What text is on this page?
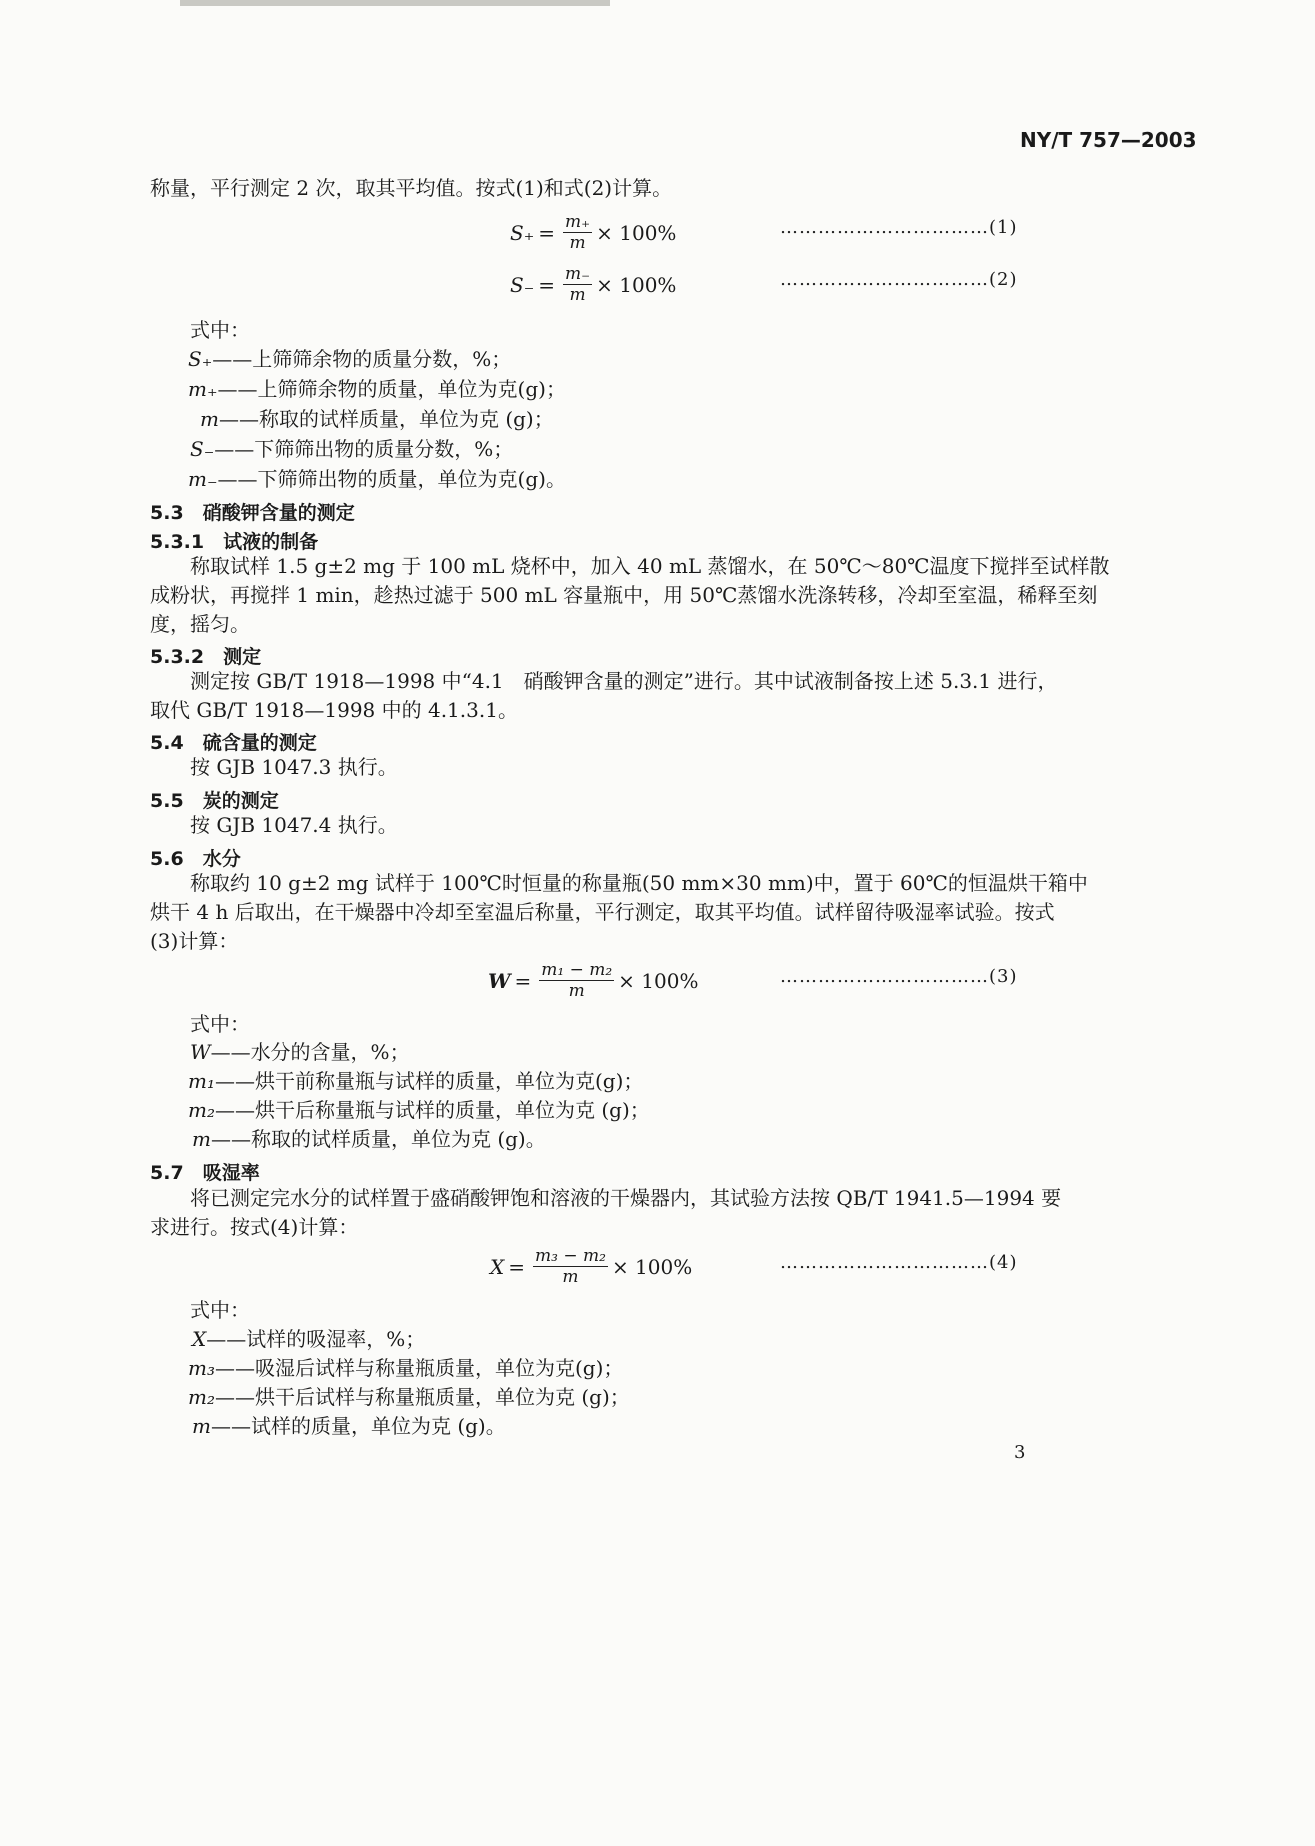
NY/T 757—2003
称量，平行测定 2 次，取其平均值。按式(1)和式(2)计算。
$S_+ = \frac{m_+}{m} \times 100\%$	……………………………(1)
$S_- = \frac{m_-}{m} \times 100\%$	……………………………(2)
式中：
S₊——上筛筛余物的质量分数，%；
m₊——上筛筛余物的质量，单位为克(g)；
m——称取的试样质量，单位为克 (g)；
S₋——下筛筛出物的质量分数，%；
m₋——下筛筛出物的质量，单位为克(g)。
5.3　 硝酸钾含量的测定
5.3.1　 试液的制备
称取试样 1.5 g±2 mg 于 100 mL 烧杯中，加入 40 mL 蒸馏水，在 50℃～80℃温度下搅拌至试样散
成粉状，再搅拌 1 min，趁热过滤于 500 mL 容量瓶中，用 50℃蒸馏水洗涤转移，冷却至室温，稀释至刻
度，摇匀。
5.3.2　 测定
测定按 GB/T 1918—1998 中“4.1　硝酸钾含量的测定”进行。其中试液制备按上述 5.3.1 进行，
取代 GB/T 1918—1998 中的 4.1.3.1。
5.4　 硫含量的测定
按 GJB 1047.3 执行。
5.5　 炭的测定
按 GJB 1047.4 执行。
5.6　 水分
称取约 10 g±2 mg 试样于 100℃时恒量的称量瓶(50 mm×30 mm)中，置于 60℃的恒温烘干箱中
烘干 4 h 后取出，在干燥器中冷却至室温后称量，平行测定，取其平均值。试样留待吸湿率试验。按式
(3)计算：
$W = \frac{\text{m₁ − m₂}}{m} \times 100\%$	……………………………(3)
式中：
W——水分的含量，%；
m₁——烘干前称量瓶与试样的质量，单位为克(g)；
m₂——烘干后称量瓶与试样的质量，单位为克 (g)；
m——称取的试样质量，单位为克 (g)。
5.7　 吸湿率
将已测定完水分的试样置于盛硝酸钾饱和溶液的干燥器内，其试验方法按 QB/T 1941.5—1994 要
求进行。按式(4)计算：
$X = \frac{\text{m₃ − m₂}}{m} \times 100\%$	……………………………(4)
式中：
X——试样的吸湿率，%；
m₃——吸湿后试样与称量瓶质量，单位为克(g)；
m₂——烘干后试样与称量瓶质量，单位为克 (g)；
m——试样的质量，单位为克 (g)。
3
